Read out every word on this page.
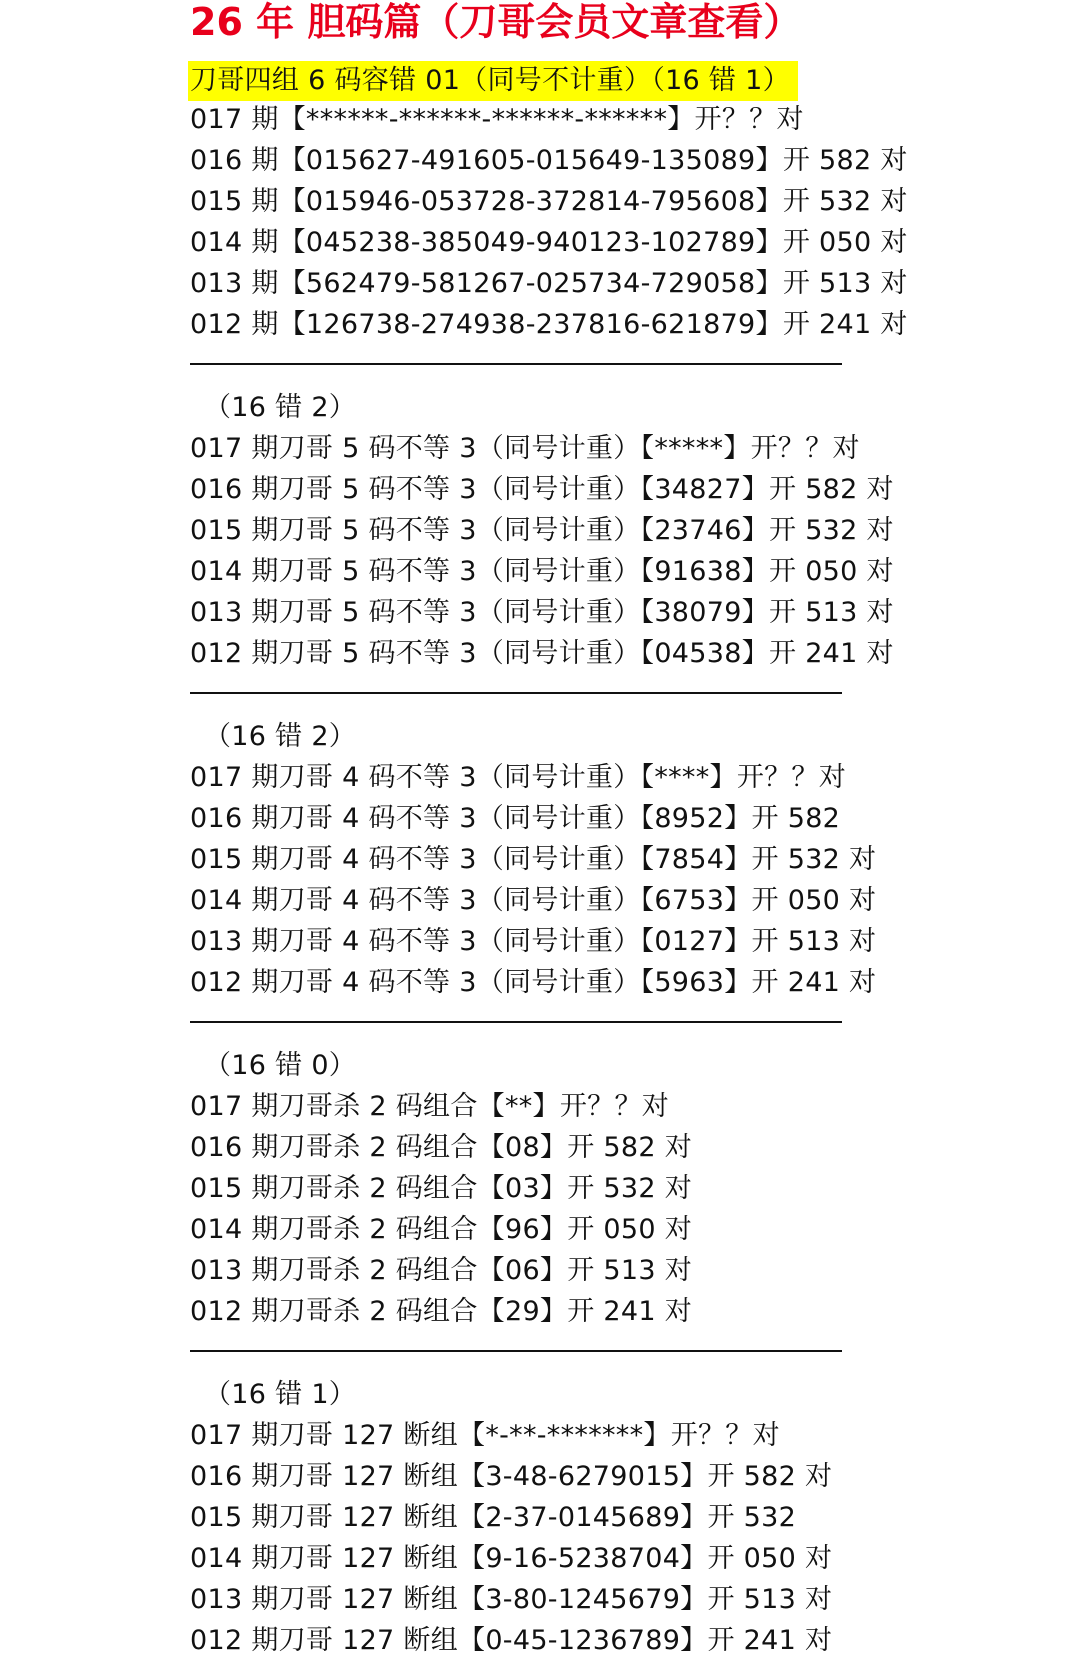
26 年 胆码篇（刀哥会员文章查看）
刀哥四组 6 码容错 01（同号不计重）（16 错 1）
017 期【******-******-******-******】开？？对
016 期【015627-491605-015649-135089】开 582 对
015 期【015946-053728-372814-795608】开 532 对
014 期【045238-385049-940123-102789】开 050 对
013 期【562479-581267-025734-729058】开 513 对
012 期【126738-274938-237816-621879】开 241 对
（16 错 2）
017 期刀哥 5 码不等 3（同号计重）【*****】开？？对
016 期刀哥 5 码不等 3（同号计重）【34827】开 582 对
015 期刀哥 5 码不等 3（同号计重）【23746】开 532 对
014 期刀哥 5 码不等 3（同号计重）【91638】开 050 对
013 期刀哥 5 码不等 3（同号计重）【38079】开 513 对
012 期刀哥 5 码不等 3（同号计重）【04538】开 241 对
（16 错 2）
017 期刀哥 4 码不等 3（同号计重）【****】开？？对
016 期刀哥 4 码不等 3（同号计重）【8952】开 582
015 期刀哥 4 码不等 3（同号计重）【7854】开 532 对
014 期刀哥 4 码不等 3（同号计重）【6753】开 050 对
013 期刀哥 4 码不等 3（同号计重）【0127】开 513 对
012 期刀哥 4 码不等 3（同号计重）【5963】开 241 对
（16 错 0）
017 期刀哥杀 2 码组合【**】开？？对
016 期刀哥杀 2 码组合【08】开 582 对
015 期刀哥杀 2 码组合【03】开 532 对
014 期刀哥杀 2 码组合【96】开 050 对
013 期刀哥杀 2 码组合【06】开 513 对
012 期刀哥杀 2 码组合【29】开 241 对
（16 错 1）
017 期刀哥 127 断组【*-**-*******】开？？对
016 期刀哥 127 断组【3-48-6279015】开 582 对
015 期刀哥 127 断组【2-37-0145689】开 532
014 期刀哥 127 断组【9-16-5238704】开 050 对
013 期刀哥 127 断组【3-80-1245679】开 513 对
012 期刀哥 127 断组【0-45-1236789】开 241 对
